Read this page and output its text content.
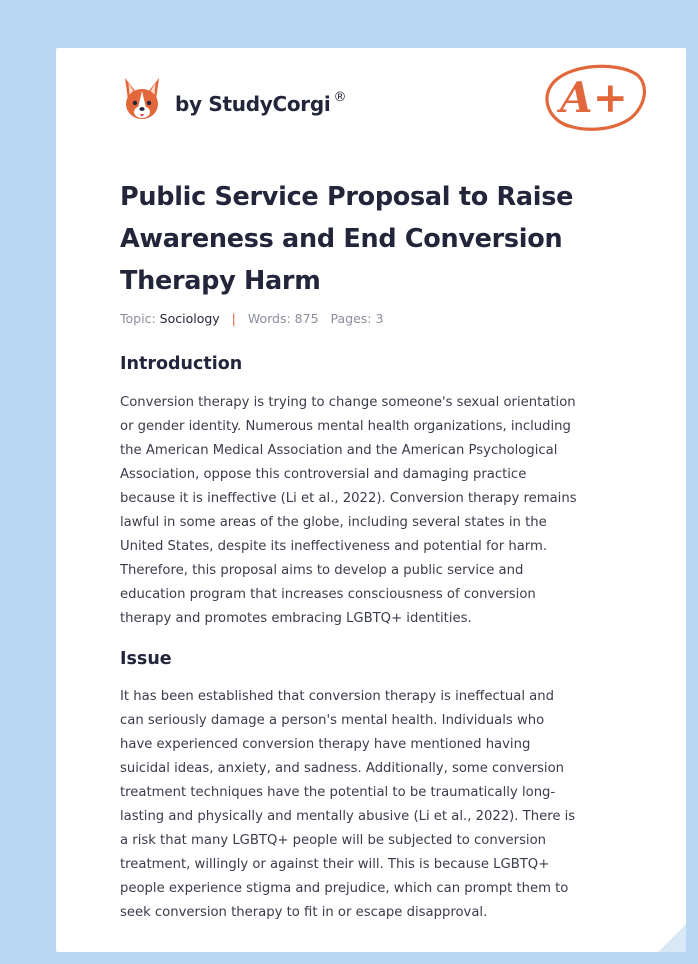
by StudyCorgi ®	A+
Public Service Proposal to Raise Awareness and End Conversion Therapy Harm
Topic: Sociology | Words: 875 Pages: 3
Introduction

Conversion therapy is trying to change someone's sexual orientation or gender identity. Numerous mental health organizations, including the American Medical Association and the American Psychological Association, oppose this controversial and damaging practice because it is ineffective (Li et al., 2022). Conversion therapy remains lawful in some areas of the globe, including several states in the United States, despite its ineffectiveness and potential for harm. Therefore, this proposal aims to develop a public service and education program that increases consciousness of conversion therapy and promotes embracing LGBTQ+ identities.

Issue

It has been established that conversion therapy is ineffectual and can seriously damage a person's mental health. Individuals who have experienced conversion therapy have mentioned having suicidal ideas, anxiety, and sadness. Additionally, some conversion treatment techniques have the potential to be traumatically long-lasting and physically and mentally abusive (Li et al., 2022). There is a risk that many LGBTQ+ people will be subjected to conversion treatment, willingly or against their will. This is because LGBTQ+ people experience stigma and prejudice, which can prompt them to seek conversion therapy to fit in or escape disapproval.
